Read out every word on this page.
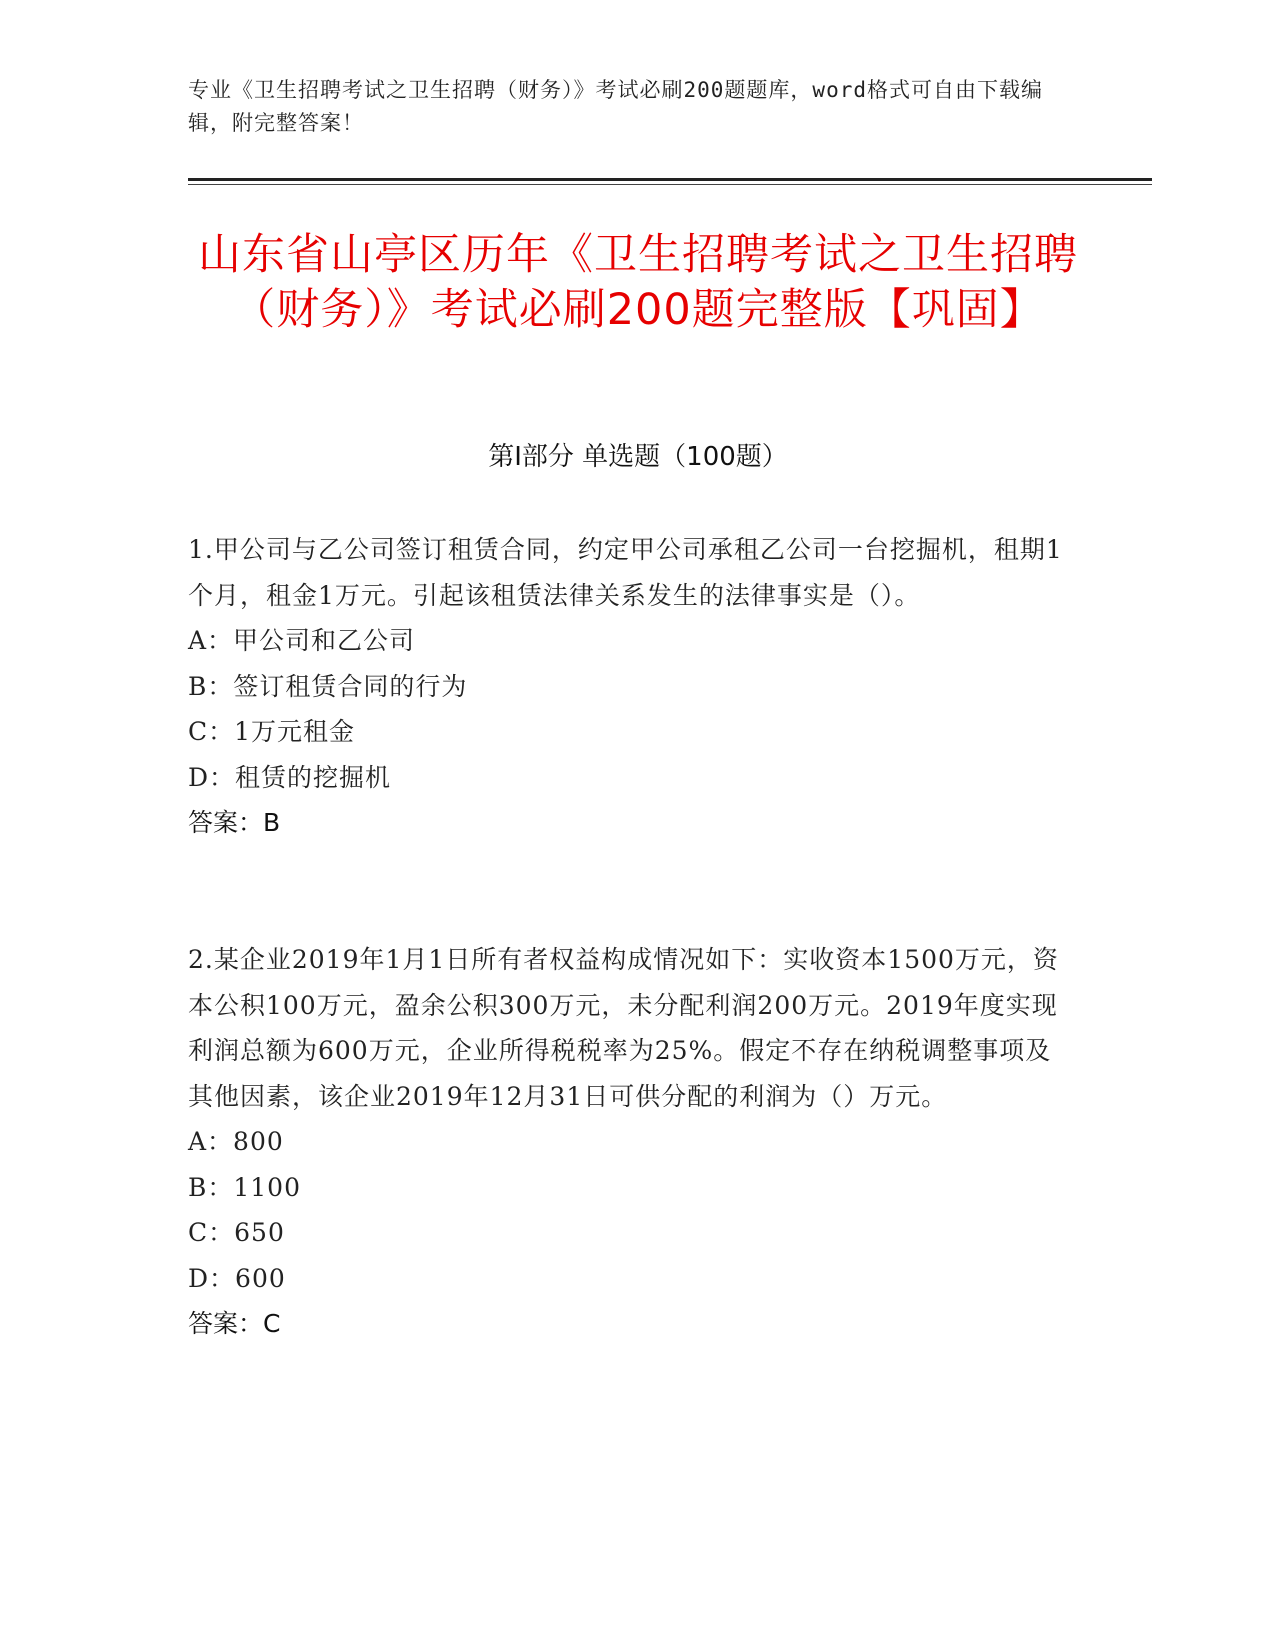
专业《卫生招聘考试之卫生招聘（财务）》考试必刷200题题库，word格式可自由下载编辑，附完整答案！
山东省山亭区历年《卫生招聘考试之卫生招聘（财务）》考试必刷200题完整版【巩固】
第I部分 单选题（100题）
1.甲公司与乙公司签订租赁合同，约定甲公司承租乙公司一台挖掘机，租期1个月，租金1万元。引起该租赁法律关系发生的法律事实是（）。
A：甲公司和乙公司
B：签订租赁合同的行为
C：1万元租金
D：租赁的挖掘机
答案：B
2.某企业2019年1月1日所有者权益构成情况如下：实收资本1500万元，资本公积100万元，盈余公积300万元，未分配利润200万元。2019年度实现利润总额为600万元，企业所得税税率为25%。假定不存在纳税调整事项及其他因素，该企业2019年12月31日可供分配的利润为（）万元。
A：800
B：1100
C：650
D：600
答案：C
